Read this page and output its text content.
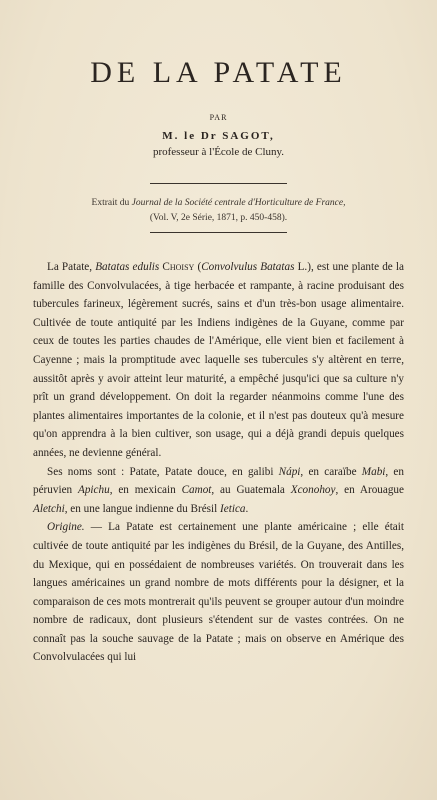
DE LA PATATE
PAR
M. le Dr SAGOT,
professeur à l'École de Cluny.
Extrait du Journal de la Société centrale d'Horticulture de France,
(Vol. V, 2e Série, 1871, p. 450-458).

La Patate, Batatas edulis Choisy (Convolvulus Batatas L.), est une plante de la famille des Convolvulacées, à tige herbacée et rampante, à racine produisant des tubercules farineux, légèrement sucrés, sains et d'un très-bon usage alimentaire. Cultivée de toute antiquité par les Indiens indigènes de la Guyane, comme par ceux de toutes les parties chaudes de l'Amérique, elle vient bien et facilement à Cayenne ; mais la promptitude avec laquelle ses tubercules s'y altèrent en terre, aussitôt après y avoir atteint leur maturité, a empêché jusqu'ici que sa culture n'y prît un grand développement. On doit la regarder néanmoins comme l'une des plantes alimentaires importantes de la colonie, et il n'est pas douteux qu'à mesure qu'on apprendra à la bien cultiver, son usage, qui a déjà grandi depuis quelques années, ne devienne général.

Ses noms sont : Patate, Patate douce, en galibi Nápi, en caraïbe Mabi, en péruvien Apichu, en mexicain Camot, au Guatemala Xconohoy, en Arouague Aletchi, en une langue indienne du Brésil Ietica.

Origine. — La Patate est certainement une plante américaine ; elle était cultivée de toute antiquité par les indigènes du Brésil, de la Guyane, des Antilles, du Mexique, qui en possédaient de nombreuses variétés. On trouverait dans les langues américaines un grand nombre de mots différents pour la désigner, et la comparaison de ces mots montrerait qu'ils peuvent se grouper autour d'un moindre nombre de radicaux, dont plusieurs s'étendent sur de vastes contrées. On ne connaît pas la souche sauvage de la Patate ; mais on observe en Amérique des Convolvulacées qui lui
